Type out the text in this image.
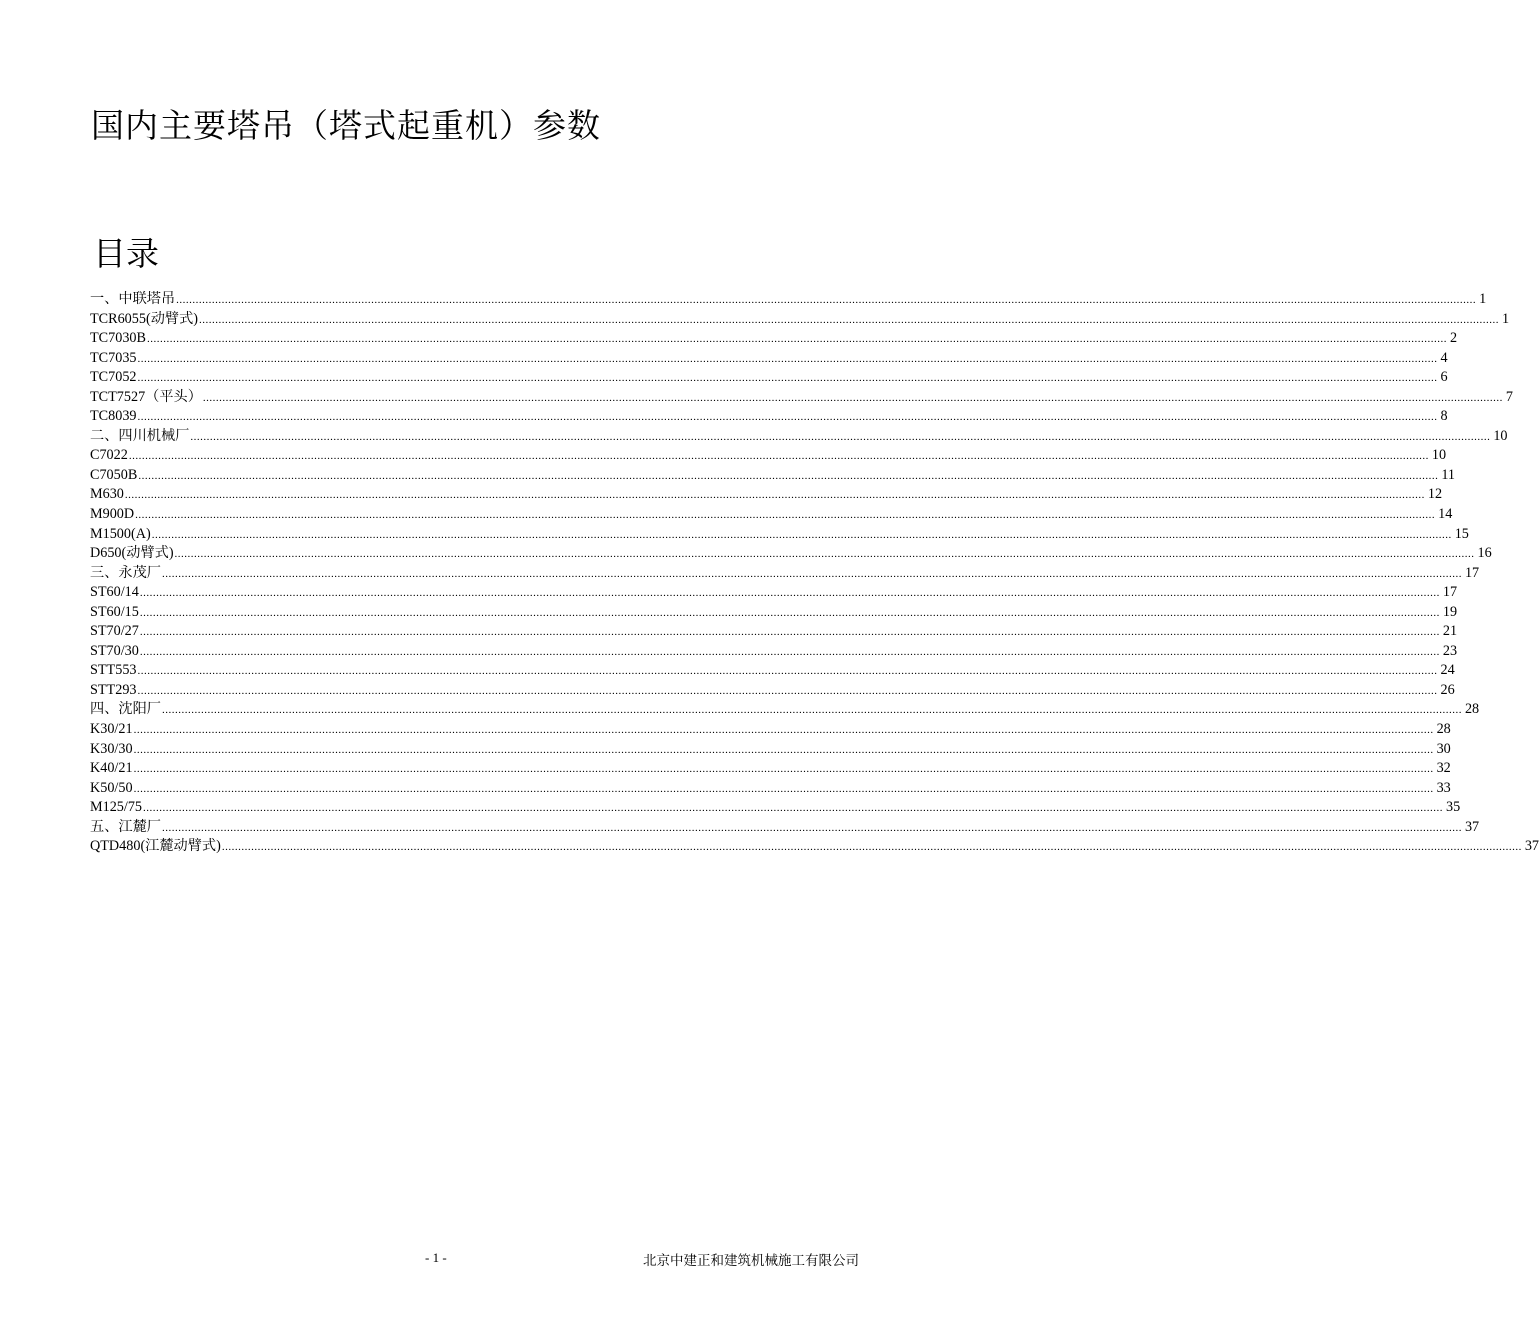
国内主要塔吊（塔式起重机）参数
目录
一、中联塔吊 ................................................................................................................................................................................................................................................................................................................................................................................................................ 1
TCR6055(动臂式) ................................................................................................................................................................................................................................................................................................................................................................................................................ 1
TC7030B ................................................................................................................................................................................................................................................................................................................................................................................................................ 2
TC7035 ................................................................................................................................................................................................................................................................................................................................................................................................................ 4
TC7052 ................................................................................................................................................................................................................................................................................................................................................................................................................ 6
TCT7527（平头） ................................................................................................................................................................................................................................................................................................................................................................................................................ 7
TC8039 ................................................................................................................................................................................................................................................................................................................................................................................................................ 8
二、四川机械厂 ................................................................................................................................................................................................................................................................................................................................................................................................................ 10
C7022 ................................................................................................................................................................................................................................................................................................................................................................................................................ 10
C7050B ................................................................................................................................................................................................................................................................................................................................................................................................................ 11
M630 ................................................................................................................................................................................................................................................................................................................................................................................................................ 12
M900D ................................................................................................................................................................................................................................................................................................................................................................................................................ 14
M1500(A) ................................................................................................................................................................................................................................................................................................................................................................................................................ 15
D650(动臂式) ................................................................................................................................................................................................................................................................................................................................................................................................................ 16
三、永茂厂 ................................................................................................................................................................................................................................................................................................................................................................................................................ 17
ST60/14 ................................................................................................................................................................................................................................................................................................................................................................................................................ 17
ST60/15 ................................................................................................................................................................................................................................................................................................................................................................................................................ 19
ST70/27 ................................................................................................................................................................................................................................................................................................................................................................................................................ 21
ST70/30 ................................................................................................................................................................................................................................................................................................................................................................................................................ 23
STT553 ................................................................................................................................................................................................................................................................................................................................................................................................................ 24
STT293 ................................................................................................................................................................................................................................................................................................................................................................................................................ 26
四、沈阳厂 ................................................................................................................................................................................................................................................................................................................................................................................................................ 28
K30/21 ................................................................................................................................................................................................................................................................................................................................................................................................................ 28
K30/30 ................................................................................................................................................................................................................................................................................................................................................................................................................ 30
K40/21 ................................................................................................................................................................................................................................................................................................................................................................................................................ 32
K50/50 ................................................................................................................................................................................................................................................................................................................................................................................................................ 33
M125/75 ................................................................................................................................................................................................................................................................................................................................................................................................................ 35
五、江麓厂 ................................................................................................................................................................................................................................................................................................................................................................................................................ 37
QTD480(江麓动臂式) ................................................................................................................................................................................................................................................................................................................................................................................................................ 37
- 1 -	北京中建正和建筑机械施工有限公司
